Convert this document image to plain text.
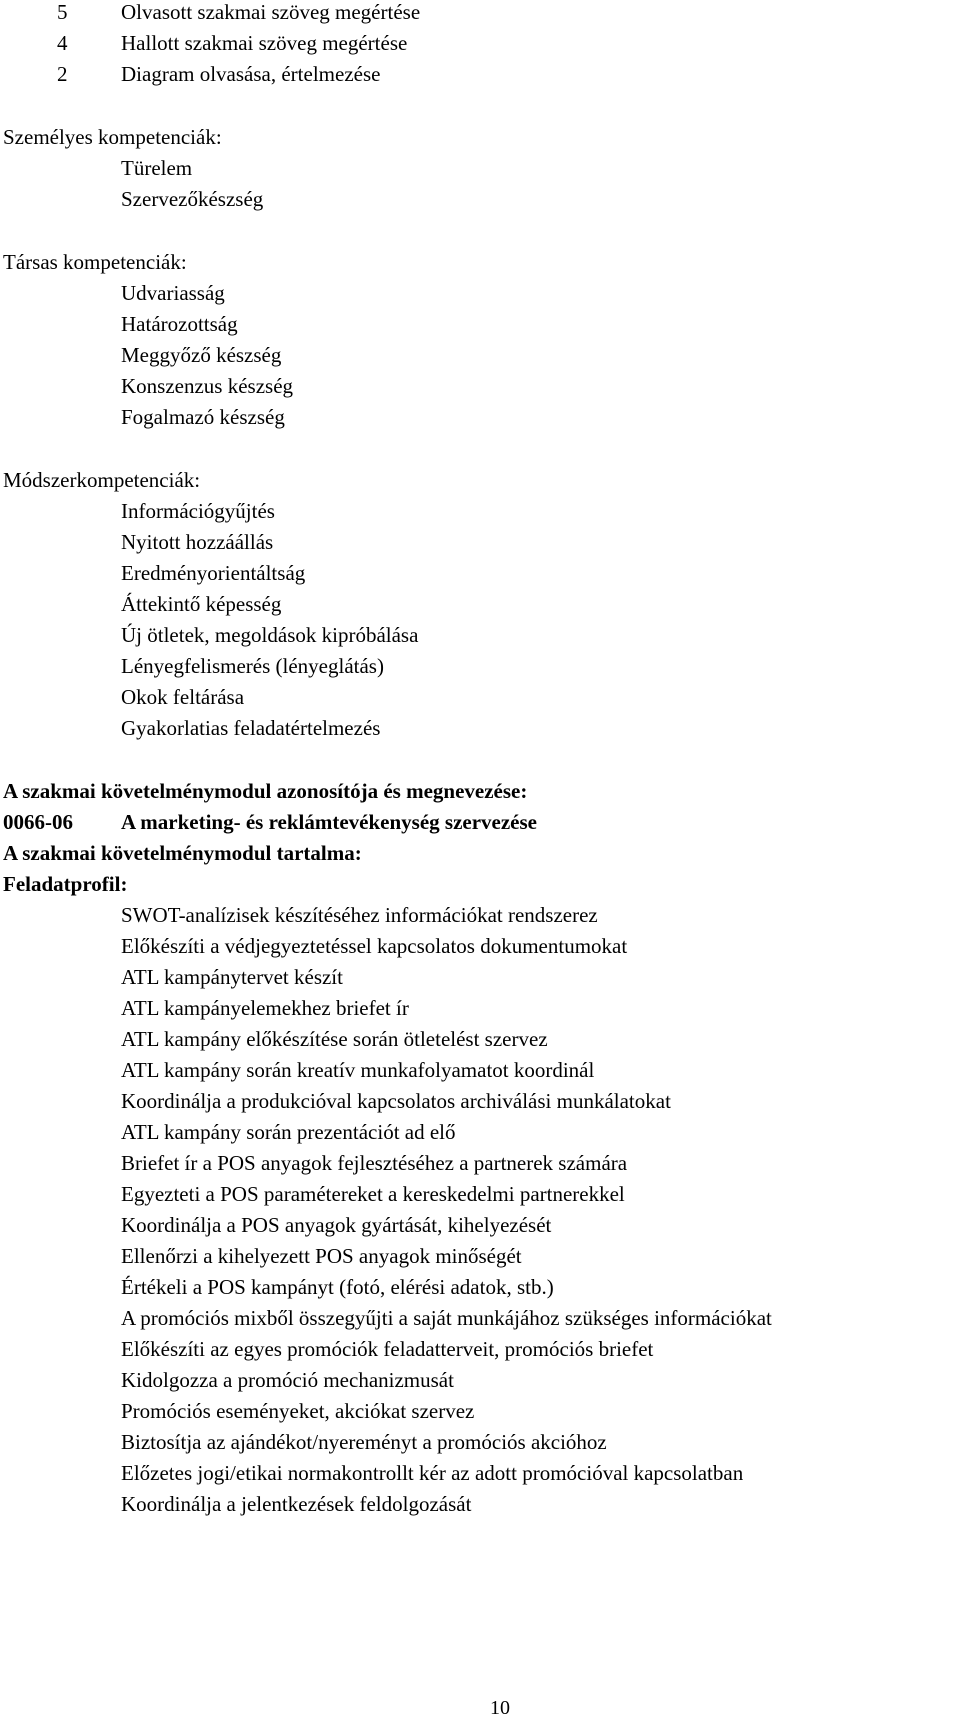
5	Olvasott szakmai szöveg megértése
4	Hallott szakmai szöveg megértése
2	Diagram olvasása, értelmezése
Személyes kompetenciák:
Türelem
Szervezőkészség
Társas kompetenciák:
Udvariasság
Határozottság
Meggyőző készség
Konszenzus készség
Fogalmazó készség
Módszerkompetenciák:
Információgyűjtés
Nyitott hozzáállás
Eredményorientáltság
Áttekintő képesség
Új ötletek, megoldások kipróbálása
Lényegfelismerés (lényeglátás)
Okok feltárása
Gyakorlatias feladatértelmezés
A szakmai követelménymodul azonosítója és megnevezése:
0066-06 A marketing- és reklámtevékenység szervezése
A szakmai követelménymodul tartalma:
Feladatprofil:
SWOT-analízisek készítéséhez információkat rendszerez
Előkészíti a védjegyeztetéssel kapcsolatos dokumentumokat
ATL kampánytervet készít
ATL kampányelemekhez briefet ír
ATL kampány előkészítése során ötletelést szervez
ATL kampány során kreatív munkafolyamatot koordinál
Koordinálja a produkcióval kapcsolatos archiválási munkálatokat
ATL kampány során prezentációt ad elő
Briefet ír a POS anyagok fejlesztéséhez a partnerek számára
Egyezteti a POS paramétereket a kereskedelmi partnerekkel
Koordinálja a POS anyagok gyártását, kihelyezését
Ellenőrzi a kihelyezett POS anyagok minőségét
Értékeli a POS kampányt (fotó, elérési adatok, stb.)
A promóciós mixből összegyűjti a saját munkájához szükséges információkat
Előkészíti az egyes promóciók feladatterveit, promóciós briefet
Kidolgozza a promóció mechanizmusát
Promóciós eseményeket, akciókat szervez
Biztosítja az ajándékot/nyereményt a promóciós akcióhoz
Előzetes jogi/etikai normakontrollt kér az adott promócióval kapcsolatban
Koordinálja a jelentkezések feldolgozását
10
